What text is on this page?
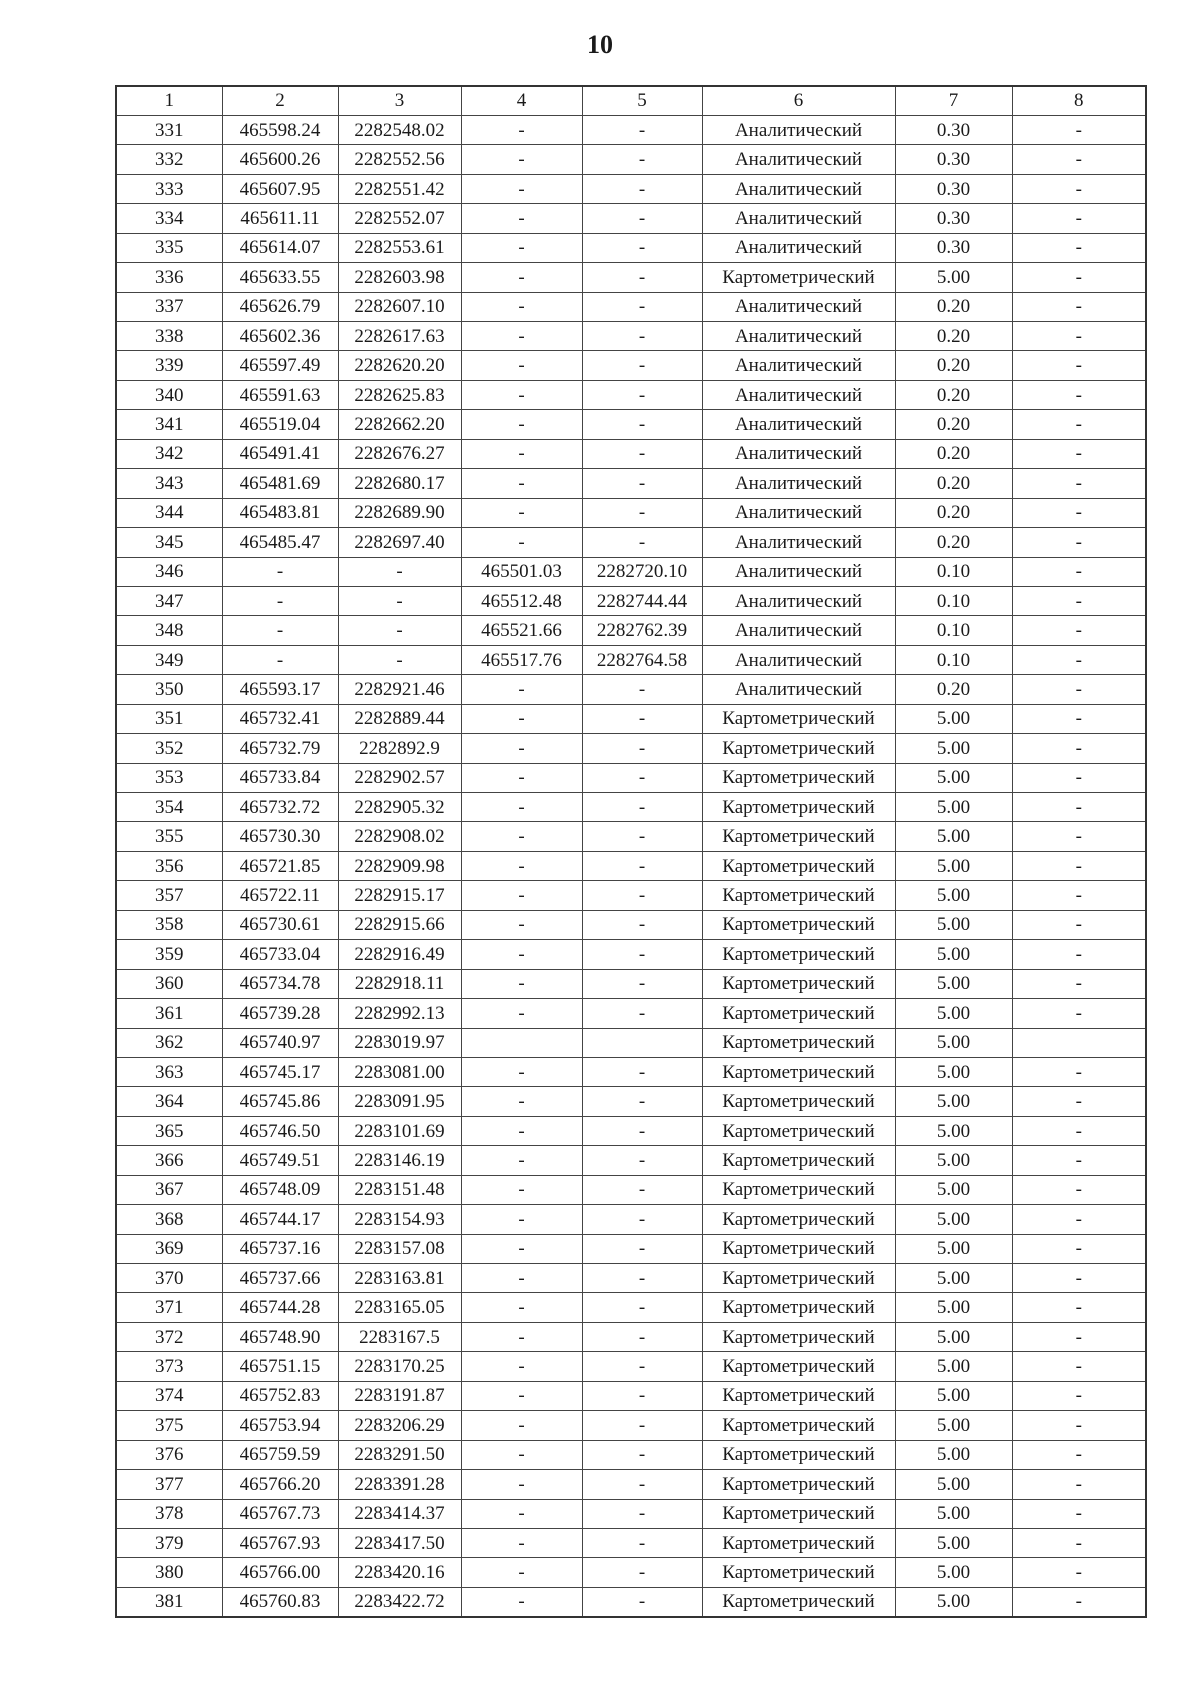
10
1	2	3	4	5	6	7	8
331	465598.24	2282548.02	-	-	Аналитический	0.30	-
332	465600.26	2282552.56	-	-	Аналитический	0.30	-
333	465607.95	2282551.42	-	-	Аналитический	0.30	-
334	465611.11	2282552.07	-	-	Аналитический	0.30	-
335	465614.07	2282553.61	-	-	Аналитический	0.30	-
336	465633.55	2282603.98	-	-	Картометрический	5.00	-
337	465626.79	2282607.10	-	-	Аналитический	0.20	-
338	465602.36	2282617.63	-	-	Аналитический	0.20	-
339	465597.49	2282620.20	-	-	Аналитический	0.20	-
340	465591.63	2282625.83	-	-	Аналитический	0.20	-
341	465519.04	2282662.20	-	-	Аналитический	0.20	-
342	465491.41	2282676.27	-	-	Аналитический	0.20	-
343	465481.69	2282680.17	-	-	Аналитический	0.20	-
344	465483.81	2282689.90	-	-	Аналитический	0.20	-
345	465485.47	2282697.40	-	-	Аналитический	0.20	-
346	-	-	465501.03	2282720.10	Аналитический	0.10	-
347	-	-	465512.48	2282744.44	Аналитический	0.10	-
348	-	-	465521.66	2282762.39	Аналитический	0.10	-
349	-	-	465517.76	2282764.58	Аналитический	0.10	-
350	465593.17	2282921.46	-	-	Аналитический	0.20	-
351	465732.41	2282889.44	-	-	Картометрический	5.00	-
352	465732.79	2282892.9	-	-	Картометрический	5.00	-
353	465733.84	2282902.57	-	-	Картометрический	5.00	-
354	465732.72	2282905.32	-	-	Картометрический	5.00	-
355	465730.30	2282908.02	-	-	Картометрический	5.00	-
356	465721.85	2282909.98	-	-	Картометрический	5.00	-
357	465722.11	2282915.17	-	-	Картометрический	5.00	-
358	465730.61	2282915.66	-	-	Картометрический	5.00	-
359	465733.04	2282916.49	-	-	Картометрический	5.00	-
360	465734.78	2282918.11	-	-	Картометрический	5.00	-
361	465739.28	2282992.13	-	-	Картометрический	5.00	-
362	465740.97	2283019.97			Картометрический	5.00	
363	465745.17	2283081.00	-	-	Картометрический	5.00	-
364	465745.86	2283091.95	-	-	Картометрический	5.00	-
365	465746.50	2283101.69	-	-	Картометрический	5.00	-
366	465749.51	2283146.19	-	-	Картометрический	5.00	-
367	465748.09	2283151.48	-	-	Картометрический	5.00	-
368	465744.17	2283154.93	-	-	Картометрический	5.00	-
369	465737.16	2283157.08	-	-	Картометрический	5.00	-
370	465737.66	2283163.81	-	-	Картометрический	5.00	-
371	465744.28	2283165.05	-	-	Картометрический	5.00	-
372	465748.90	2283167.5	-	-	Картометрический	5.00	-
373	465751.15	2283170.25	-	-	Картометрический	5.00	-
374	465752.83	2283191.87	-	-	Картометрический	5.00	-
375	465753.94	2283206.29	-	-	Картометрический	5.00	-
376	465759.59	2283291.50	-	-	Картометрический	5.00	-
377	465766.20	2283391.28	-	-	Картометрический	5.00	-
378	465767.73	2283414.37	-	-	Картометрический	5.00	-
379	465767.93	2283417.50	-	-	Картометрический	5.00	-
380	465766.00	2283420.16	-	-	Картометрический	5.00	-
381	465760.83	2283422.72	-	-	Картометрический	5.00	-
